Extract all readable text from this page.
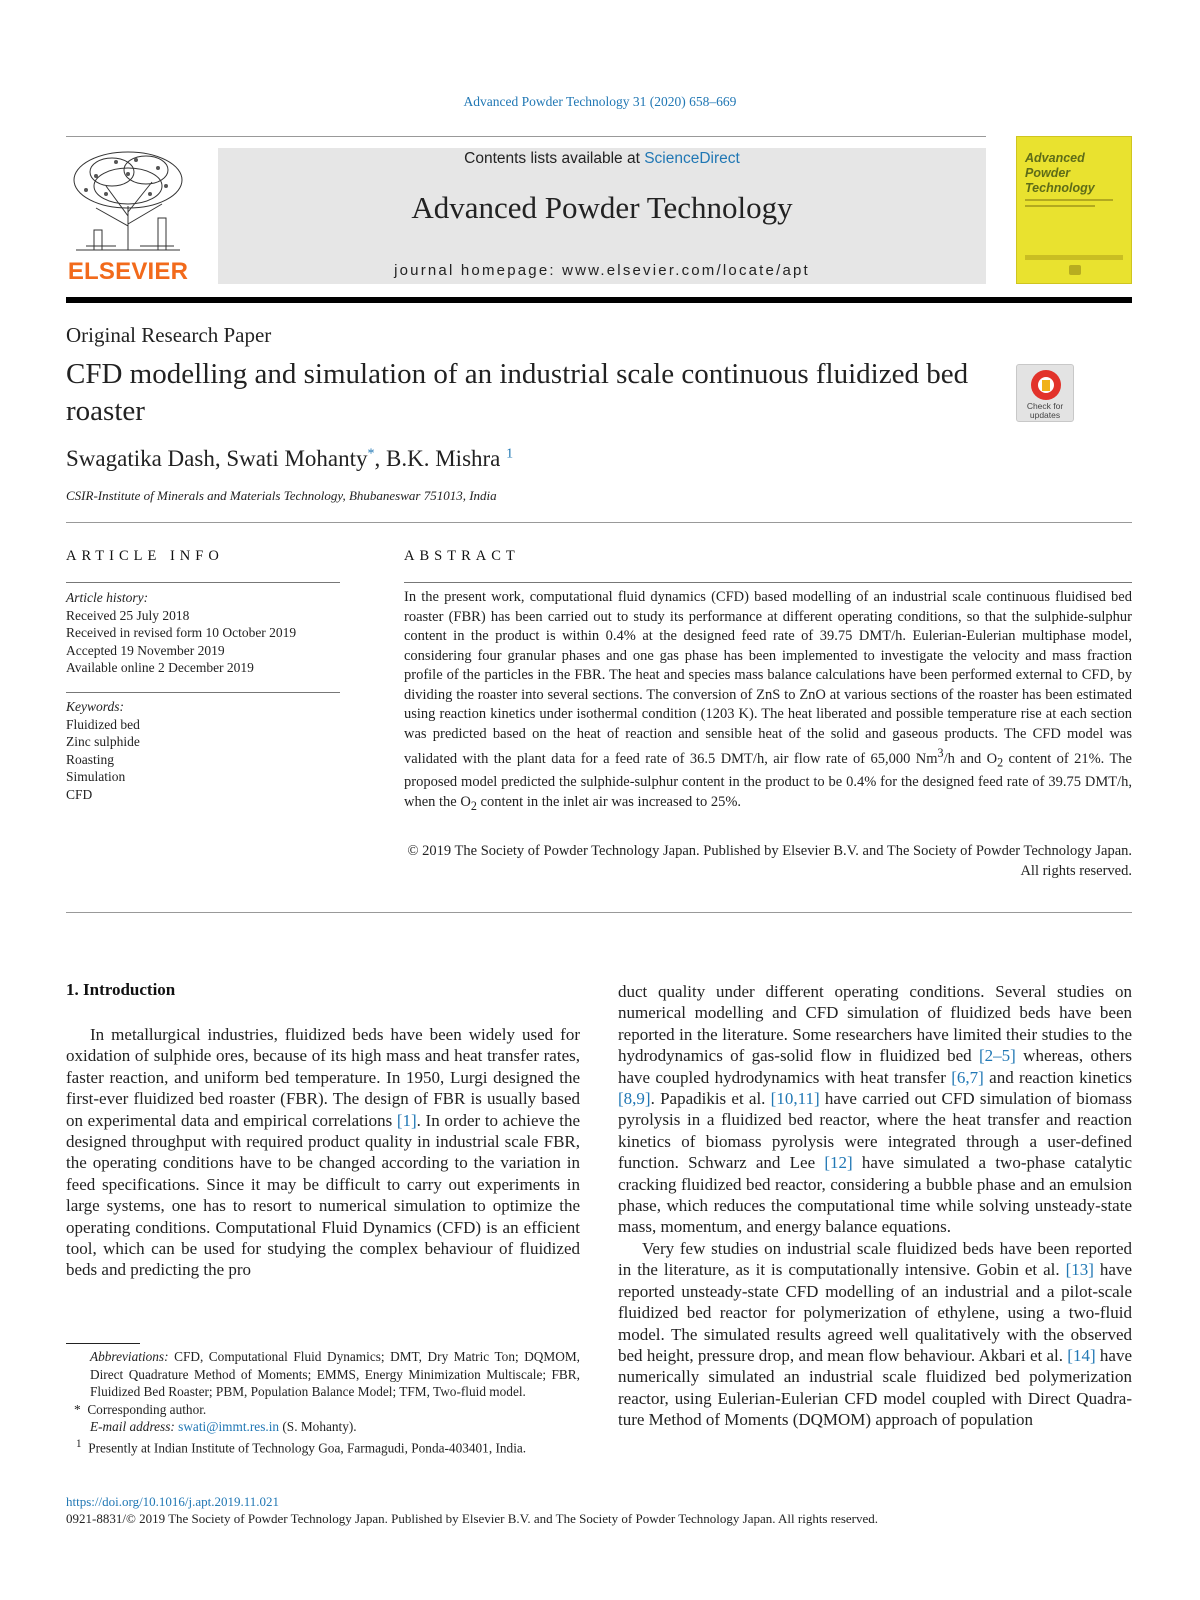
Advanced Powder Technology 31 (2020) 658–669
ELSEVIER
Contents lists available at ScienceDirect
Advanced Powder Technology
journal homepage: www.elsevier.com/locate/apt
Advanced Powder Technology
Original Research Paper
CFD modelling and simulation of an industrial scale continuous fluidized bed roaster	Check for updates
Swagatika Dash, Swati Mohanty*, B.K. Mishra $^1$
CSIR-Institute of Minerals and Materials Technology, Bhubaneswar 751013, India
ARTICLE INFO	ABSTRACT
Article history:
Received 25 July 2018
Received in revised form 10 October 2019
Accepted 19 November 2019
Available online 2 December 2019
Keywords:
Fluidized bed
Zinc sulphide
Roasting
Simulation
CFD
In the present work, computational fluid dynamics (CFD) based modelling of an industrial scale continuous fluidised bed roaster (FBR) has been carried out to study its performance at different operating conditions, so that the sulphide-sulphur content in the product is within 0.4% at the designed feed rate of 39.75 DMT/h. Eulerian-Eulerian multiphase model, considering four granular phases and one gas phase has been implemented to investigate the velocity and mass fraction profile of the particles in the FBR. The heat and species mass balance calculations have been performed external to CFD, by dividing the roaster into several sections. The conversion of ZnS to ZnO at various sections of the roaster has been estimated using reaction kinetics under isothermal condition (1203 K). The heat liberated and possible temperature rise at each section was predicted based on the heat of reaction and sensible heat of the solid and gaseous products. The CFD model was validated with the plant data for a feed rate of 36.5 DMT/h, air flow rate of 65,000 Nm$^3$/h and $O_2$ content of 21%. The proposed model predicted the sulphide-sulphur content in the product to be 0.4% for the designed feed rate of 39.75 DMT/h, when the $O_2$ content in the inlet air was increased to 25%.
© 2019 The Society of Powder Technology Japan. Published by Elsevier B.V. and The Society of Powder Technology Japan. All rights reserved.
1. Introduction

In metallurgical industries, fluidized beds have been widely used for oxidation of sulphide ores, because of its high mass and heat transfer rates, faster reaction, and uniform bed temperature. In 1950, Lurgi designed the first-ever fluidized bed roaster (FBR). The design of FBR is usually based on experimental data and empirical correlations [1]. In order to achieve the designed throughput with required product quality in industrial scale FBR, the operating conditions have to be changed according to the variation in feed specifications. Since it may be difficult to carry out experiments in large systems, one has to resort to numerical simulation to optimize the operating conditions. Computational Fluid Dynamics (CFD) is an efficient tool, which can be used for studying the complex behaviour of fluidized beds and predicting the pro

duct quality under different operating conditions. Several studies on numerical modelling and CFD simulation of fluidized beds have been reported in the literature. Some researchers have limited their studies to the hydrodynamics of gas-solid flow in fluidized bed [2–5] whereas, others have coupled hydrodynamics with heat transfer [6,7] and reaction kinetics [8,9]. Papadikis et al. [10,11] have carried out CFD simulation of biomass pyrolysis in a fluidized bed reactor, where the heat transfer and reaction kinetics of biomass pyrolysis were integrated through a user-defined function. Schwarz and Lee [12] have simulated a two-phase catalytic cracking fluidized bed reactor, considering a bubble phase and an emulsion phase, which reduces the computational time while solving unsteady-state mass, momentum, and energy balance equations.

Very few studies on industrial scale fluidized beds have been reported in the literature, as it is computationally intensive. Gobin et al. [13] have reported unsteady-state CFD modelling of an industrial and a pilot-scale fluidized bed reactor for polymerization of ethylene, using a two-fluid model. The simulated results agreed well qualitatively with the observed bed height, pressure drop, and mean flow behaviour. Akbari et al. [14] have numerically simulated an industrial scale fluidized bed polymerization reactor, using Eulerian-Eulerian CFD model coupled with Direct Quadrature Method of Moments (DQMOM) approach of population

Abbreviations: CFD, Computational Fluid Dynamics; DMT, Dry Matric Ton; DQMOM, Direct Quadrature Method of Moments; EMMS, Energy Minimization Multiscale; FBR, Fluidized Bed Roaster; PBM, Population Balance Model; TFM, Two-fluid model.

* Corresponding author.

E-mail address: swati@immt.res.in (S. Mohanty).

$^1$ Presently at Indian Institute of Technology Goa, Farmagudi, Ponda-403401, India.

https://doi.org/10.1016/j.apt.2019.11.021
0921-8831/© 2019 The Society of Powder Technology Japan. Published by Elsevier B.V. and The Society of Powder Technology Japan. All rights reserved.
